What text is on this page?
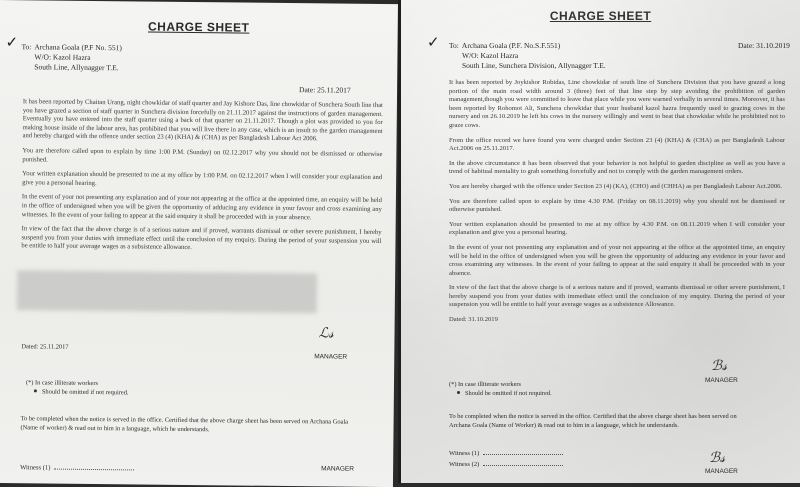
CHARGE SHEET
✓ To: Archana Goala (P.F No. 551)
W/O: Kazol Hazra
South Line, Allynagger T.E.
Date: 25.11.2017

It has been reported by Chaitan Urang, night chowkidar of staff quarter and Jay Kishore Das, line chowkidar of Sunchera South line that you have grazed a section of staff quarter in Sunchera division forcefully on 21.11.2017 against the instructions of garden management. Eventually you have entered into the staff quarter using a back of that quarter on 21.11.2017. Though a plot was provided to you for making house inside of the labour area, has prohibited that you will live there in any case, which is an insult to the garden management and hereby charged with the offence under section 23 (4) (KHA) & (CHA) as per Bangladesh Labour Act 2006.

You are therefore called upon to explain by time 1:00 P.M. (Sunday) on 02.12.2017 why you should not be dismissed or otherwise punished.

Your written explanation should be presented to me at my office by 1:00 P.M. on 02.12.2017 when I will consider your explanation and give you a personal hearing.

In the event of your not presenting any explanation and of your not appearing at the office at the appointed time, an enquiry will be held in the office of undersigned when you will be given the opportunity of adducing any evidence in your favour and cross examining any witnesses. In the event of your failing to appear at the said enquiry it shall be proceeded with in your absence.

In view of the fact that the above charge is of a serious nature and if proved, warrants dismissal or other severe punishment, I hereby suspend you from your duties with immediate effect until the conclusion of my enquiry. During the period of your suspension you will be entitle to half your average wages as a subsistence allowance.

ℒ𝓈
MANAGER
Dated: 25.11.2017
(*) In case illiterate workers
Should be omitted if not required.
To be completed when the notice is served in the office. Certified that the above charge sheet has been served on Archana Goala (Name of worker) & read out to him in a language, which he understands.
Witness (1)	MANAGER
CHARGE SHEET
✓ To: Archana Goala (P.F. No.S.F.551)
W/O: Kazol Hazra
South Line, Sunchera Division, Allynagger T.E.
Date: 31.10.2019

It has been reported by Joykishor Robidas, Line chowkidar of south line of Sunchera Division that you have grazed a long portion of the main road width around 3 (three) feet of that line step by step avoiding the prohibition of garden management,though you were committed to leave that place while you were warned verbally in several times. Moreover, it has been reported by Rohomot Ali, Sunchera chowkidar that your husband kazol hazra frequently used to grazing cows in the nursery and on 26.10.2019 he left his cows in the nursery willingly and went to beat that chowkidar while he prohibited not to graze cows.

From the office record we have found you were charged under Section 23 (4) (KHA) & (CHA) as per Bangladesh Labour Act.2006 on 25.11.2017.

In the above circumstance it has been observed that your behavior is not helpful to garden discipline as well as you have a trend of habitual mentality to grab something forcefully and not to comply with the garden management orders.

You are hereby charged with the offence under Section 23 (4) (KA), (CHO) and (CHHA) as per Bangladesh Labour Act.2006.

You are therefore called upon to explain by time 4.30 P.M. (Friday on 08.11.2019) why you should not be dismissed or otherwise punished.

Your written explanation should be presented to me at my office by 4.30 P.M. on 08.11.2019 when I will consider your explanation and give you a personal hearing.

In the event of your not presenting any explanation and of your not appearing at the office at the appointed time, an enquiry will be held in the office of undersigned when you will be given the opportunity of adducing any evidence in your favor and cross examining any witnesses. In the event of your failing to appear at the said enquiry it shall be proceeded with in your absence.

In view of the fact that the above charge is of a serious nature and if proved, warrants dismissal or other severe punishment, I hereby suspend you from your duties with immediate effect until the conclusion of my enquiry. During the period of your suspension you will be entitle to half your average wages as a subsistence Allowance.

Dated: 31.10.2019

ℬ𝓈
MANAGER
(*) In case illiterate workers
Should be omitted if not required.
To be completed when the notice is served in the office. Certified that the above charge sheet has been served on Archana Goala (Name of Worker) & read out to him in a language, which he understands.
Witness (1)
Witness (2)	ℬ𝓈
MANAGER
